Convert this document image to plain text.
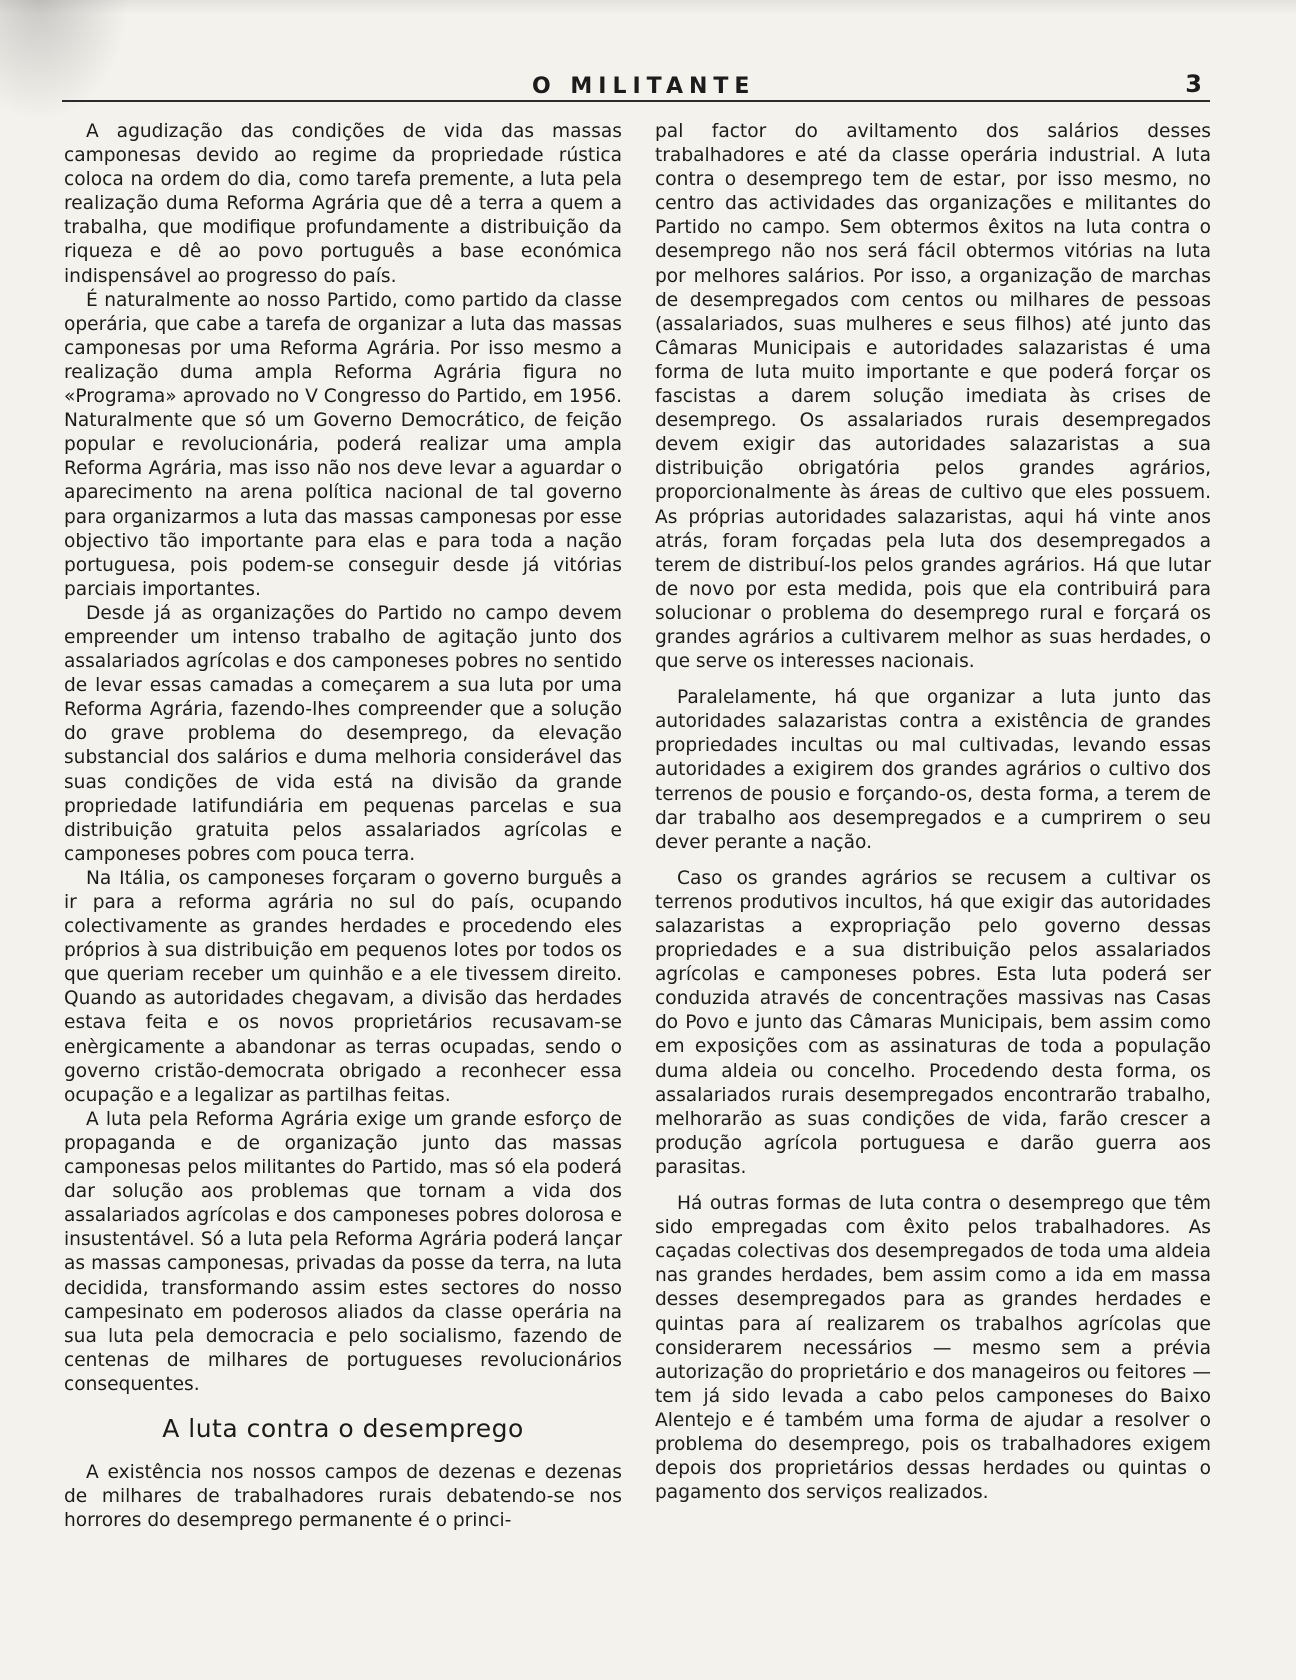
O MILITANTE	3

A agudização das condições de vida das massas camponesas devido ao regime da propriedade rústica coloca na ordem do dia, como tarefa premente, a luta pela realização duma Reforma Agrária que dê a terra a quem a trabalha, que modifique profundamente a distribuição da riqueza e dê ao povo português a base económica indispensável ao progresso do país.

É naturalmente ao nosso Partido, como partido da classe operária, que cabe a tarefa de organizar a luta das massas camponesas por uma Reforma Agrária. Por isso mesmo a realização duma ampla Reforma Agrária figura no «Programa» aprovado no V Congresso do Partido, em 1956. Naturalmente que só um Governo Democrático, de feição popular e revolucionária, poderá realizar uma ampla Reforma Agrária, mas isso não nos deve levar a aguardar o aparecimento na arena política nacional de tal governo para organizarmos a luta das massas camponesas por esse objectivo tão importante para elas e para toda a nação portuguesa, pois podem-se conseguir desde já vitórias parciais importantes.

Desde já as organizações do Partido no campo devem empreender um intenso trabalho de agitação junto dos assalariados agrícolas e dos camponeses pobres no sentido de levar essas camadas a começarem a sua luta por uma Reforma Agrária, fazendo-lhes compreender que a solução do grave problema do desemprego, da elevação substancial dos salários e duma melhoria considerável das suas condições de vida está na divisão da grande propriedade latifundiária em pequenas parcelas e sua distribuição gratuita pelos assalariados agrícolas e camponeses pobres com pouca terra.

Na Itália, os camponeses forçaram o governo burguês a ir para a reforma agrária no sul do país, ocupando colectivamente as grandes herdades e procedendo eles próprios à sua distribuição em pequenos lotes por todos os que queriam receber um quinhão e a ele tivessem direito. Quando as autoridades chegavam, a divisão das herdades estava feita e os novos proprietários recusavam-se enèrgicamente a abandonar as terras ocupadas, sendo o governo cristão-democrata obrigado a reconhecer essa ocupação e a legalizar as partilhas feitas.

A luta pela Reforma Agrária exige um grande esforço de propaganda e de organização junto das massas camponesas pelos militantes do Partido, mas só ela poderá dar solução aos problemas que tornam a vida dos assalariados agrícolas e dos camponeses pobres dolorosa e insustentável. Só a luta pela Reforma Agrária poderá lançar as massas camponesas, privadas da posse da terra, na luta decidida, transformando assim estes sectores do nosso campesinato em poderosos aliados da classe operária na sua luta pela democracia e pelo socialismo, fazendo de centenas de milhares de portugueses revolucionários consequentes.

A luta contra o desemprego

A existência nos nossos campos de dezenas e dezenas de milhares de trabalhadores rurais debatendo-se nos horrores do desemprego permanente é o princi-

pal factor do aviltamento dos salários desses trabalhadores e até da classe operária industrial. A luta contra o desemprego tem de estar, por isso mesmo, no centro das actividades das organizações e militantes do Partido no campo. Sem obtermos êxitos na luta contra o desemprego não nos será fácil obtermos vitórias na luta por melhores salários. Por isso, a organização de marchas de desempregados com centos ou milhares de pessoas (assalariados, suas mulheres e seus filhos) até junto das Câmaras Municipais e autoridades salazaristas é uma forma de luta muito importante e que poderá forçar os fascistas a darem solução imediata às crises de desemprego. Os assalariados rurais desempregados devem exigir das autoridades salazaristas a sua distribuição obrigatória pelos grandes agrários, proporcionalmente às áreas de cultivo que eles possuem. As próprias autoridades salazaristas, aqui há vinte anos atrás, foram forçadas pela luta dos desempregados a terem de distribuí-los pelos grandes agrários. Há que lutar de novo por esta medida, pois que ela contribuirá para solucionar o problema do desemprego rural e forçará os grandes agrários a cultivarem melhor as suas herdades, o que serve os interesses nacionais.

Paralelamente, há que organizar a luta junto das autoridades salazaristas contra a existência de grandes propriedades incultas ou mal cultivadas, levando essas autoridades a exigirem dos grandes agrários o cultivo dos terrenos de pousio e forçando-os, desta forma, a terem de dar trabalho aos desempregados e a cumprirem o seu dever perante a nação.

Caso os grandes agrários se recusem a cultivar os terrenos produtivos incultos, há que exigir das autoridades salazaristas a expropriação pelo governo dessas propriedades e a sua distribuição pelos assalariados agrícolas e camponeses pobres. Esta luta poderá ser conduzida através de concentrações massivas nas Casas do Povo e junto das Câmaras Municipais, bem assim como em exposições com as assinaturas de toda a população duma aldeia ou concelho. Procedendo desta forma, os assalariados rurais desempregados encontrarão trabalho, melhorarão as suas condições de vida, farão crescer a produção agrícola portuguesa e darão guerra aos parasitas.

Há outras formas de luta contra o desemprego que têm sido empregadas com êxito pelos trabalhadores. As caçadas colectivas dos desempregados de toda uma aldeia nas grandes herdades, bem assim como a ida em massa desses desempregados para as grandes herdades e quintas para aí realizarem os trabalhos agrícolas que considerarem necessários — mesmo sem a prévia autorização do proprietário e dos manageiros ou feitores — tem já sido levada a cabo pelos camponeses do Baixo Alentejo e é também uma forma de ajudar a resolver o problema do desemprego, pois os trabalhadores exigem depois dos proprietários dessas herdades ou quintas o pagamento dos serviços realizados.
